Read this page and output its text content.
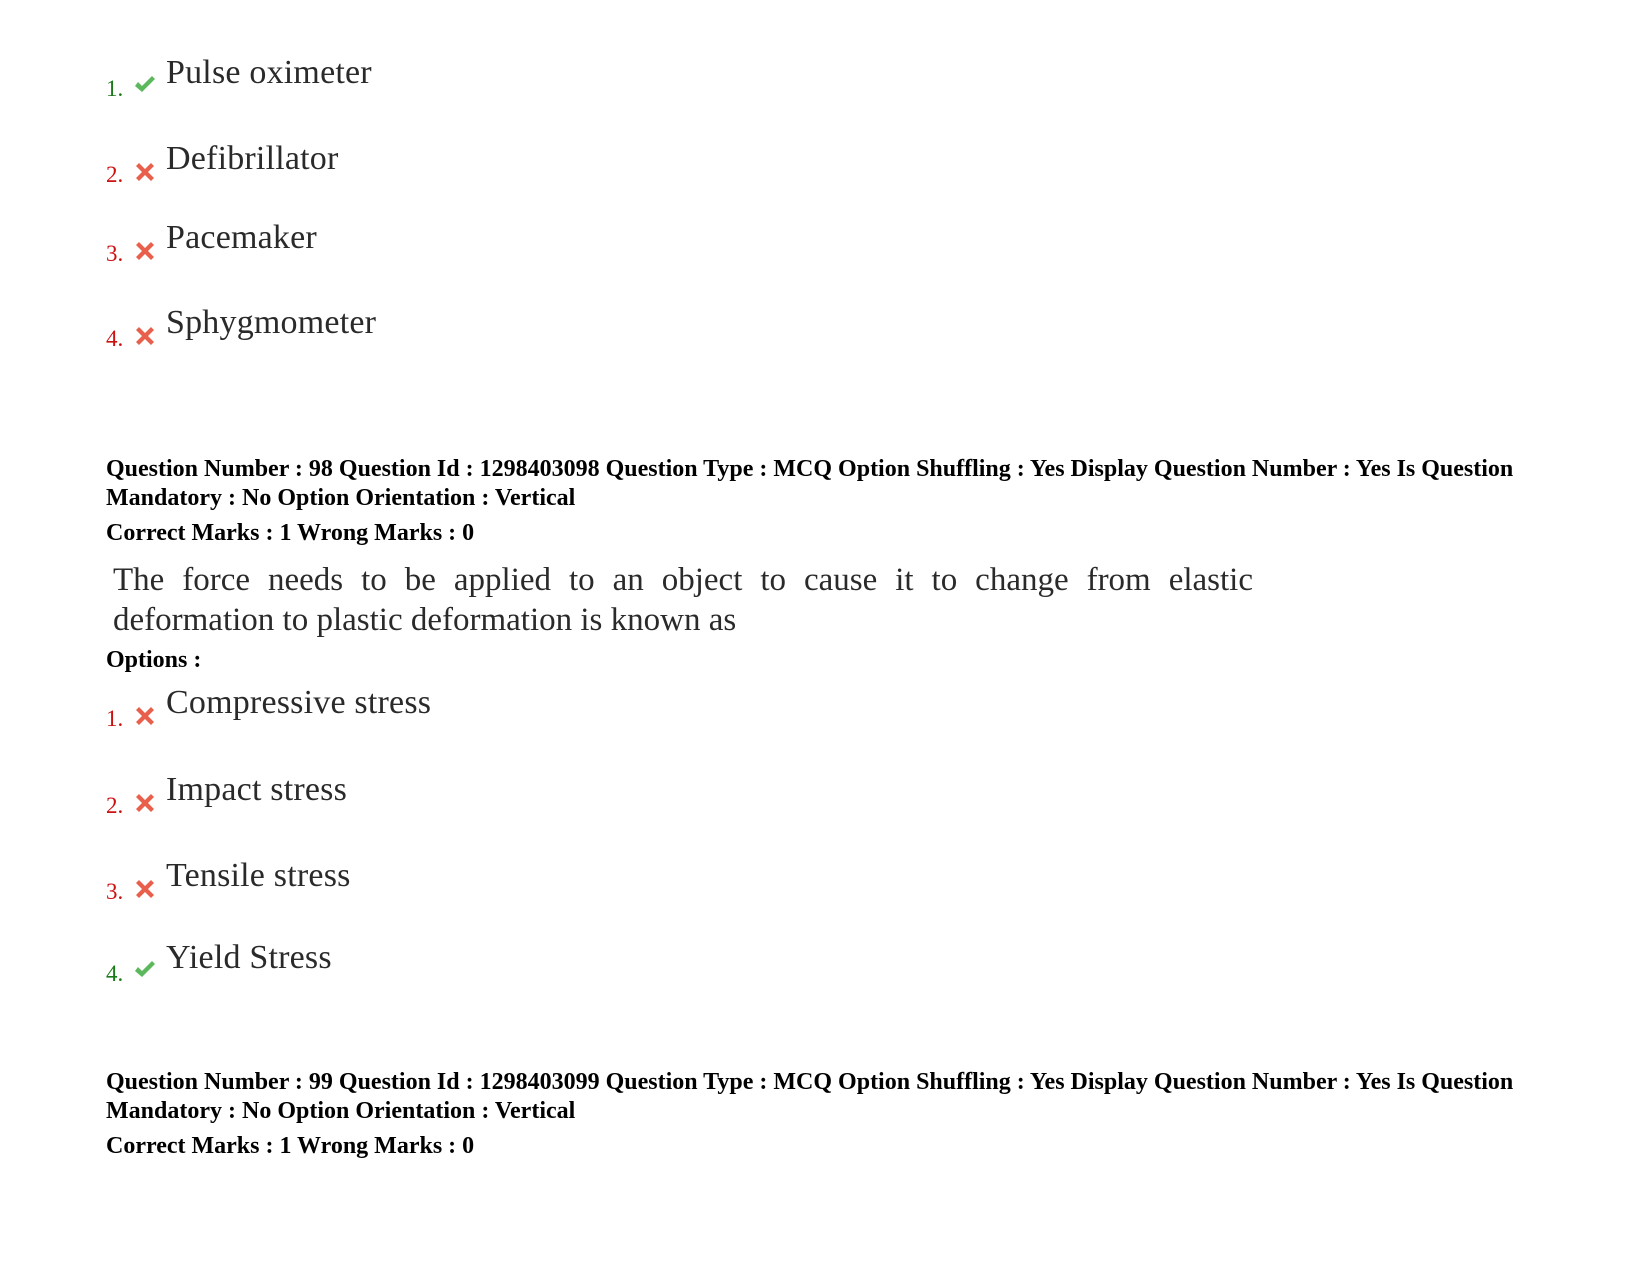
1. Pulse oximeter
2. Defibrillator
3. Pacemaker
4. Sphygmometer
Question Number : 98 Question Id : 1298403098 Question Type : MCQ Option Shuffling : Yes Display Question Number : Yes Is Question Mandatory : No Option Orientation : Vertical
Correct Marks : 1 Wrong Marks : 0
The force needs to be applied to an object to cause it to change from elastic deformation to plastic deformation is known as
Options :
1. Compressive stress
2. Impact stress
3. Tensile stress
4. Yield Stress
Question Number : 99 Question Id : 1298403099 Question Type : MCQ Option Shuffling : Yes Display Question Number : Yes Is Question Mandatory : No Option Orientation : Vertical
Correct Marks : 1 Wrong Marks : 0
